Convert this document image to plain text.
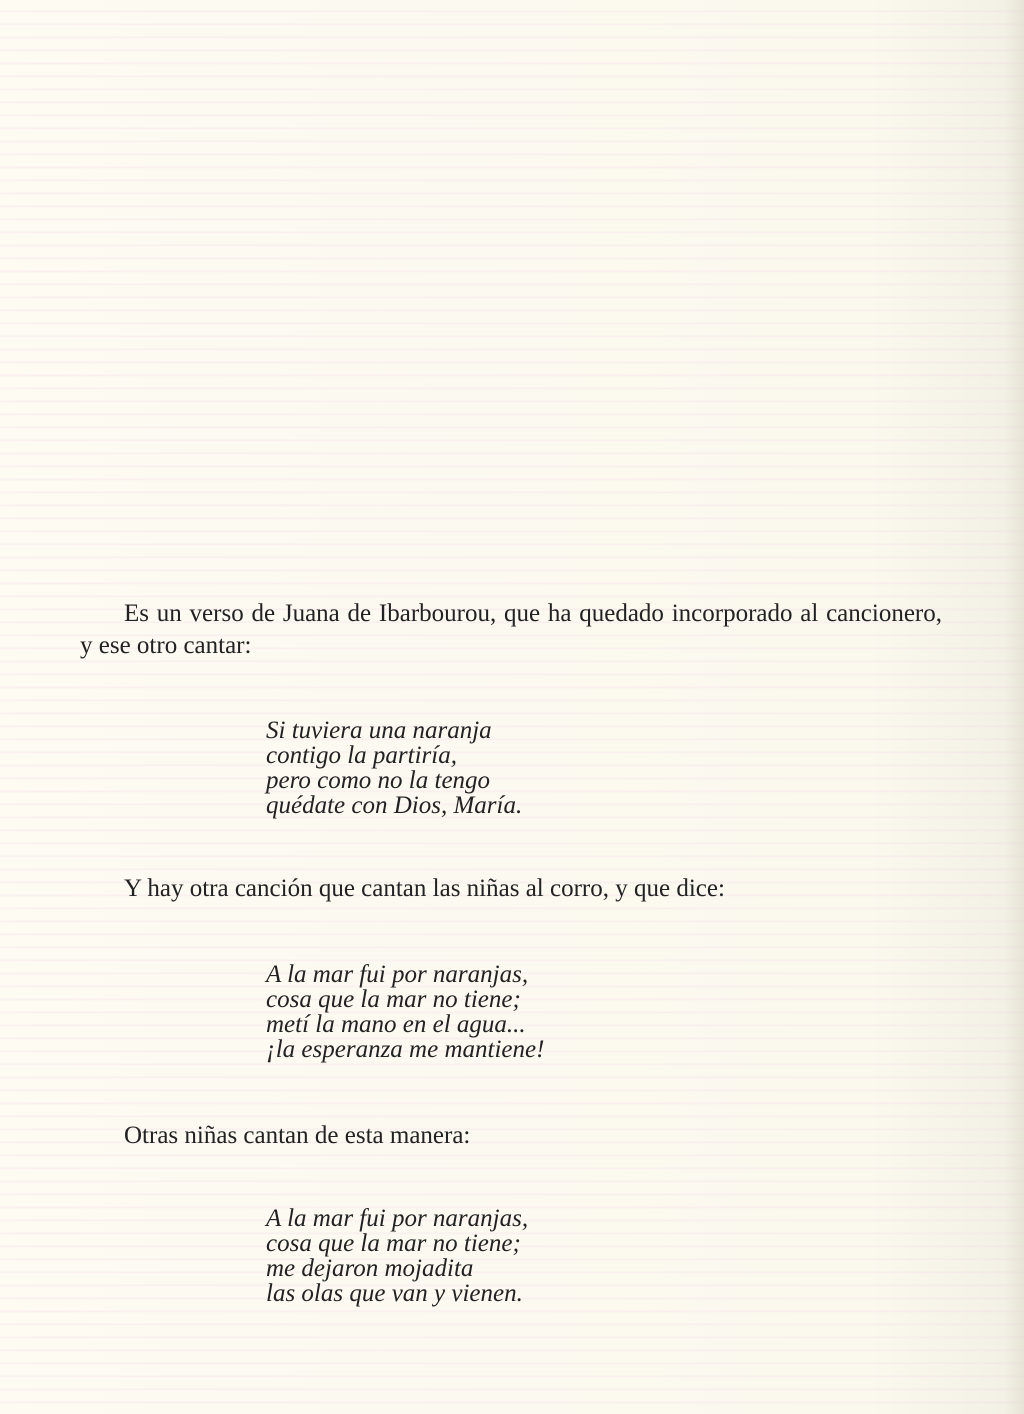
Es un verso de Juana de Ibarbourou, que ha quedado incorporado al cancionero, y ese otro cantar:

Si tuviera una naranja
contigo la partiría,
pero como no la tengo
quédate con Dios, María.

Y hay otra canción que cantan las niñas al corro, y que dice:

A la mar fui por naranjas,
cosa que la mar no tiene;
metí la mano en el agua...
¡la esperanza me mantiene!

Otras niñas cantan de esta manera:

A la mar fui por naranjas,
cosa que la mar no tiene;
me dejaron mojadita
las olas que van y vienen.
